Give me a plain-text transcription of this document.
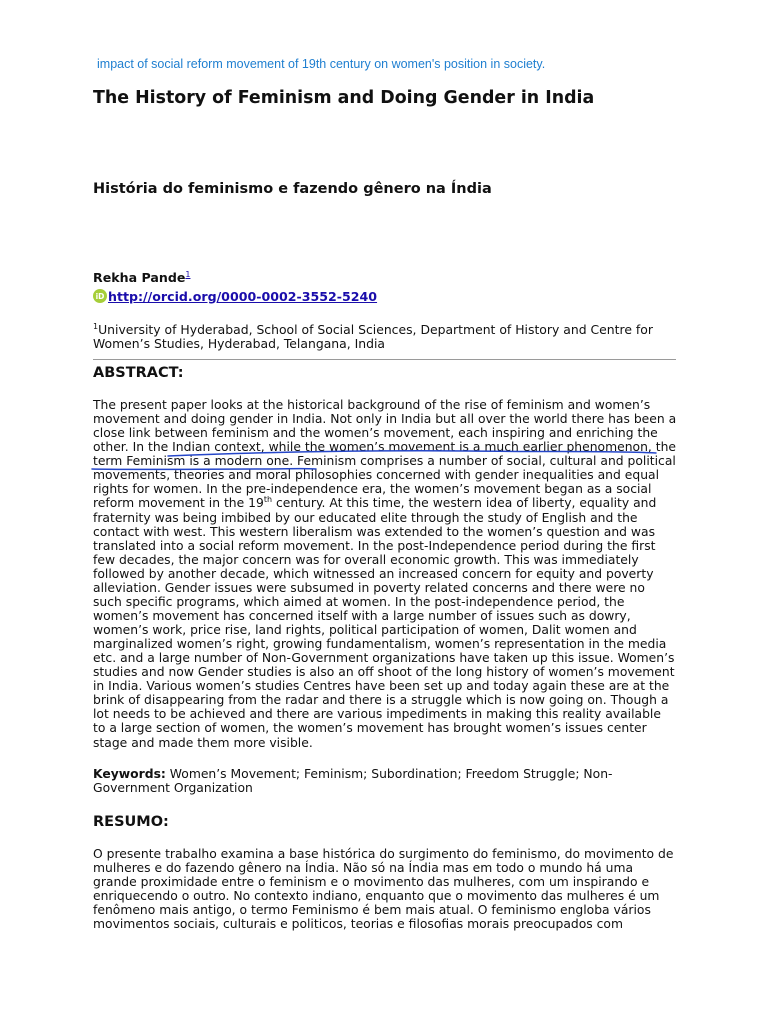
impact of social reform movement of 19th century on women's position in society.
The History of Feminism and Doing Gender in India
História do feminismo e fazendo gênero na Índia
Rekha Pande$^1$
iD http://orcid.org/0000-0002-3552-5240
$^1$University of Hyderabad, School of Social Sciences, Department of History and Centre for Women’s Studies, Hyderabad, Telangana, India
ABSTRACT:

The present paper looks at the historical background of the rise of feminism and women’s movement and doing gender in India. Not only in India but all over the world there has been a close link between feminism and the women’s movement, each inspiring and enriching the other. In the Indian context, while the women’s movement is a much earlier phenomenon, the term Feminism is a modern one. Feminism comprises a number of social, cultural and political movements, theories and moral philosophies concerned with gender inequalities and equal rights for women. In the pre-independence era, the women’s movement began as a social reform movement in the 19th century. At this time, the western idea of liberty, equality and fraternity was being imbibed by our educated elite through the study of English and the contact with west. This western liberalism was extended to the women’s question and was translated into a social reform movement. In the post-Independence period during the first few decades, the major concern was for overall economic growth. This was immediately followed by another decade, which witnessed an increased concern for equity and poverty alleviation. Gender issues were subsumed in poverty related concerns and there were no such specific programs, which aimed at women. In the post-independence period, the women’s movement has concerned itself with a large number of issues such as dowry, women’s work, price rise, land rights, political participation of women, Dalit women and marginalized women’s right, growing fundamentalism, women’s representation in the media etc. and a large number of Non-Government organizations have taken up this issue. Women’s studies and now Gender studies is also an off shoot of the long history of women’s movement in India. Various women’s studies Centres have been set up and today again these are at the brink of disappearing from the radar and there is a struggle which is now going on. Though a lot needs to be achieved and there are various impediments in making this reality available to a large section of women, the women’s movement has brought women’s issues center stage and made them more visible.

Keywords: Women’s Movement; Feminism; Subordination; Freedom Struggle; Non-Government Organization

RESUMO:

O presente trabalho examina a base histórica do surgimento do feminismo, do movimento de mulheres e do fazendo gênero na Índia. Não só na Índia mas em todo o mundo há uma grande proximidade entre o feminism e o movimento das mulheres, com um inspirando e enriquecendo o outro. No contexto indiano, enquanto que o movimento das mulheres é um fenômeno mais antigo, o termo Feminismo é bem mais atual. O feminismo engloba vários movimentos sociais, culturais e politicos, teorias e filosofias morais preocupados com
